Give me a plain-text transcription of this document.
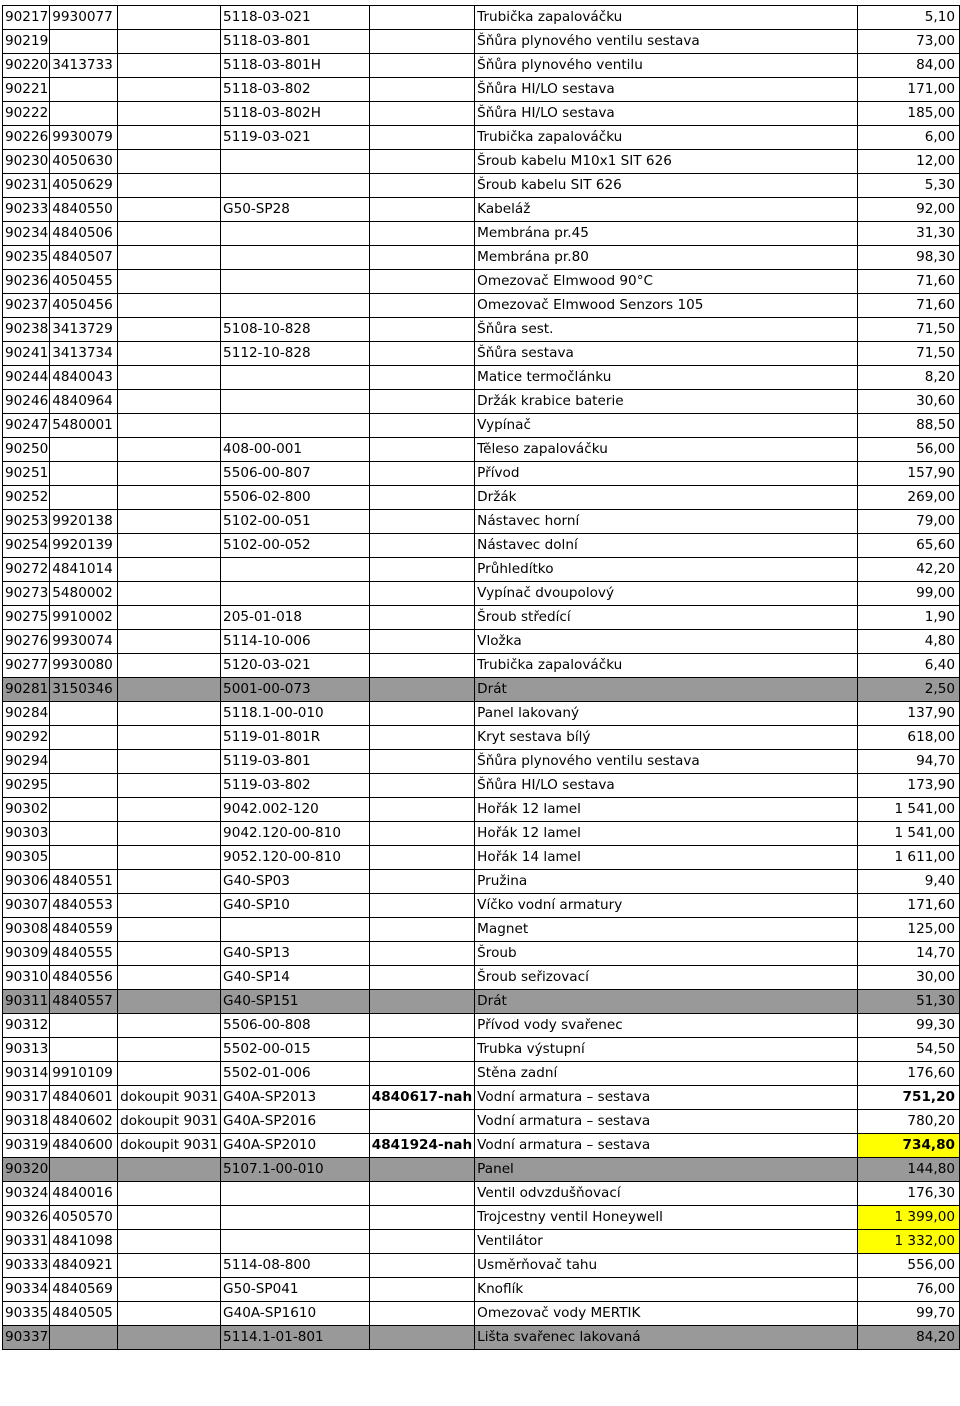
90217	9930077		5118-03-021		Trubička zapalováčku	5,10
90219			5118-03-801		Šňůra plynového ventilu sestava	73,00
90220	3413733		5118-03-801H		Šňůra plynového ventilu	84,00
90221			5118-03-802		Šňůra HI/LO sestava	171,00
90222			5118-03-802H		Šňůra HI/LO sestava	185,00
90226	9930079		5119-03-021		Trubička zapalováčku	6,00
90230	4050630				Šroub kabelu M10x1 SIT 626	12,00
90231	4050629				Šroub kabelu SIT 626	5,30
90233	4840550		G50-SP28		Kabeláž	92,00
90234	4840506				Membrána pr.45	31,30
90235	4840507				Membrána pr.80	98,30
90236	4050455				Omezovač Elmwood 90°C	71,60
90237	4050456				Omezovač Elmwood Senzors 105	71,60
90238	3413729		5108-10-828		Šňůra sest.	71,50
90241	3413734		5112-10-828		Šňůra sestava	71,50
90244	4840043				Matice termočlánku	8,20
90246	4840964				Držák krabice baterie	30,60
90247	5480001				Vypínač	88,50
90250			408-00-001		Těleso zapalováčku	56,00
90251			5506-00-807		Přívod	157,90
90252			5506-02-800		Držák	269,00
90253	9920138		5102-00-051		Nástavec horní	79,00
90254	9920139		5102-00-052		Nástavec dolní	65,60
90272	4841014				Průhledítko	42,20
90273	5480002				Vypínač dvoupolový	99,00
90275	9910002		205-01-018		Šroub středící	1,90
90276	9930074		5114-10-006		Vložka	4,80
90277	9930080		5120-03-021		Trubička zapalováčku	6,40
90281	3150346		5001-00-073		Drát	2,50
90284			5118.1-00-010		Panel lakovaný	137,90
90292			5119-01-801R		Kryt sestava bílý	618,00
90294			5119-03-801		Šňůra plynového ventilu sestava	94,70
90295			5119-03-802		Šňůra HI/LO sestava	173,90
90302			9042.002-120		Hořák 12 lamel	1 541,00
90303			9042.120-00-810		Hořák 12 lamel	1 541,00
90305			9052.120-00-810		Hořák 14 lamel	1 611,00
90306	4840551		G40-SP03		Pružina	9,40
90307	4840553		G40-SP10		Víčko vodní armatury	171,60
90308	4840559				Magnet	125,00
90309	4840555		G40-SP13		Šroub	14,70
90310	4840556		G40-SP14		Šroub seřizovací	30,00
90311	4840557		G40-SP151		Drát	51,30
90312			5506-00-808		Přívod vody svařenec	99,30
90313			5502-00-015		Trubka výstupní	54,50
90314	9910109		5502-01-006		Stěna zadní	176,60
90317	4840601	dokoupit 9031	G40A-SP2013	4840617-nah	Vodní armatura – sestava	751,20
90318	4840602	dokoupit 9031	G40A-SP2016		Vodní armatura – sestava	780,20
90319	4840600	dokoupit 9031	G40A-SP2010	4841924-nah	Vodní armatura – sestava	734,80
90320			5107.1-00-010		Panel	144,80
90324	4840016				Ventil odvzdušňovací	176,30
90326	4050570				Trojcestny ventil Honeywell	1 399,00
90331	4841098				Ventilátor	1 332,00
90333	4840921		5114-08-800		Usměrňovač tahu	556,00
90334	4840569		G50-SP041		Knoflík	76,00
90335	4840505		G40A-SP1610		Omezovač vody MERTIK	99,70
90337			5114.1-01-801		Lišta svařenec lakovaná	84,20
